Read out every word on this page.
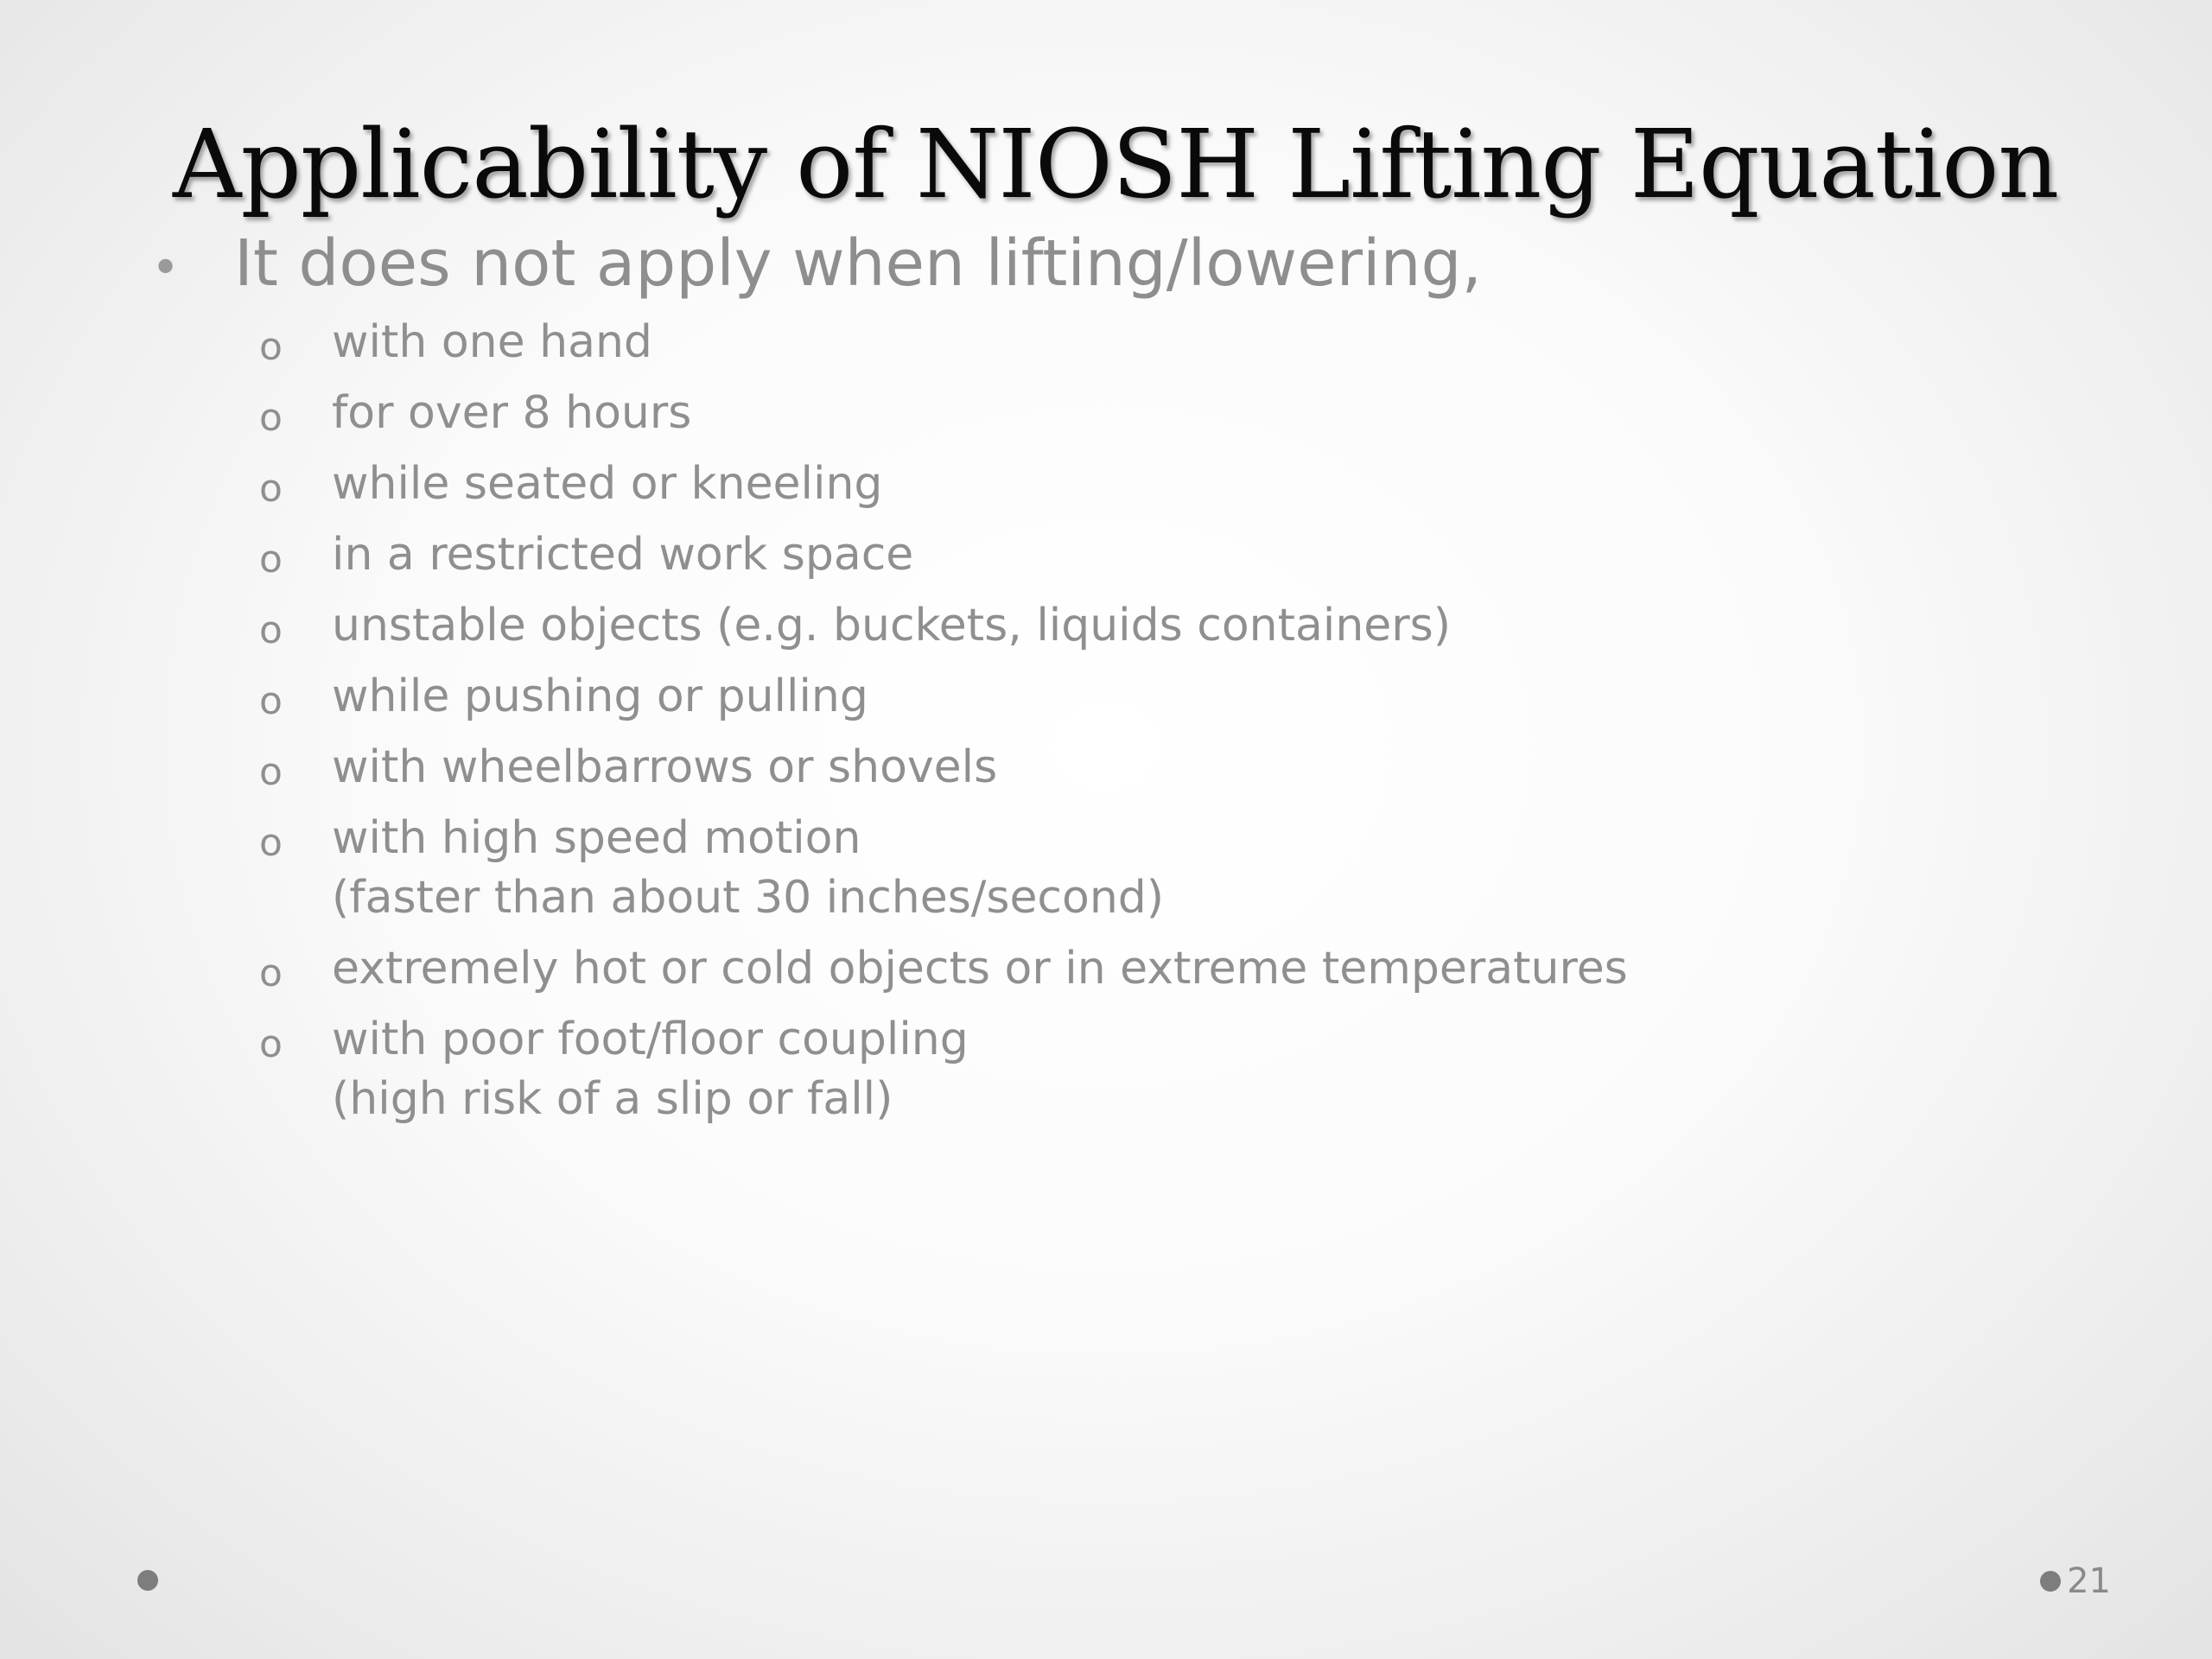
Applicability of NIOSH Lifting Equation
• It does not apply when lifting/lowering,
o with one hand
o for over 8 hours
o while seated or kneeling
o in a restricted work space
o unstable objects (e.g. buckets, liquids containers)
o while pushing or pulling
o with wheelbarrows or shovels
o with high speed motion
(faster than about 30 inches/second)
o extremely hot or cold objects or in extreme temperatures
o with poor foot/floor coupling
(high risk of a slip or fall)
21
